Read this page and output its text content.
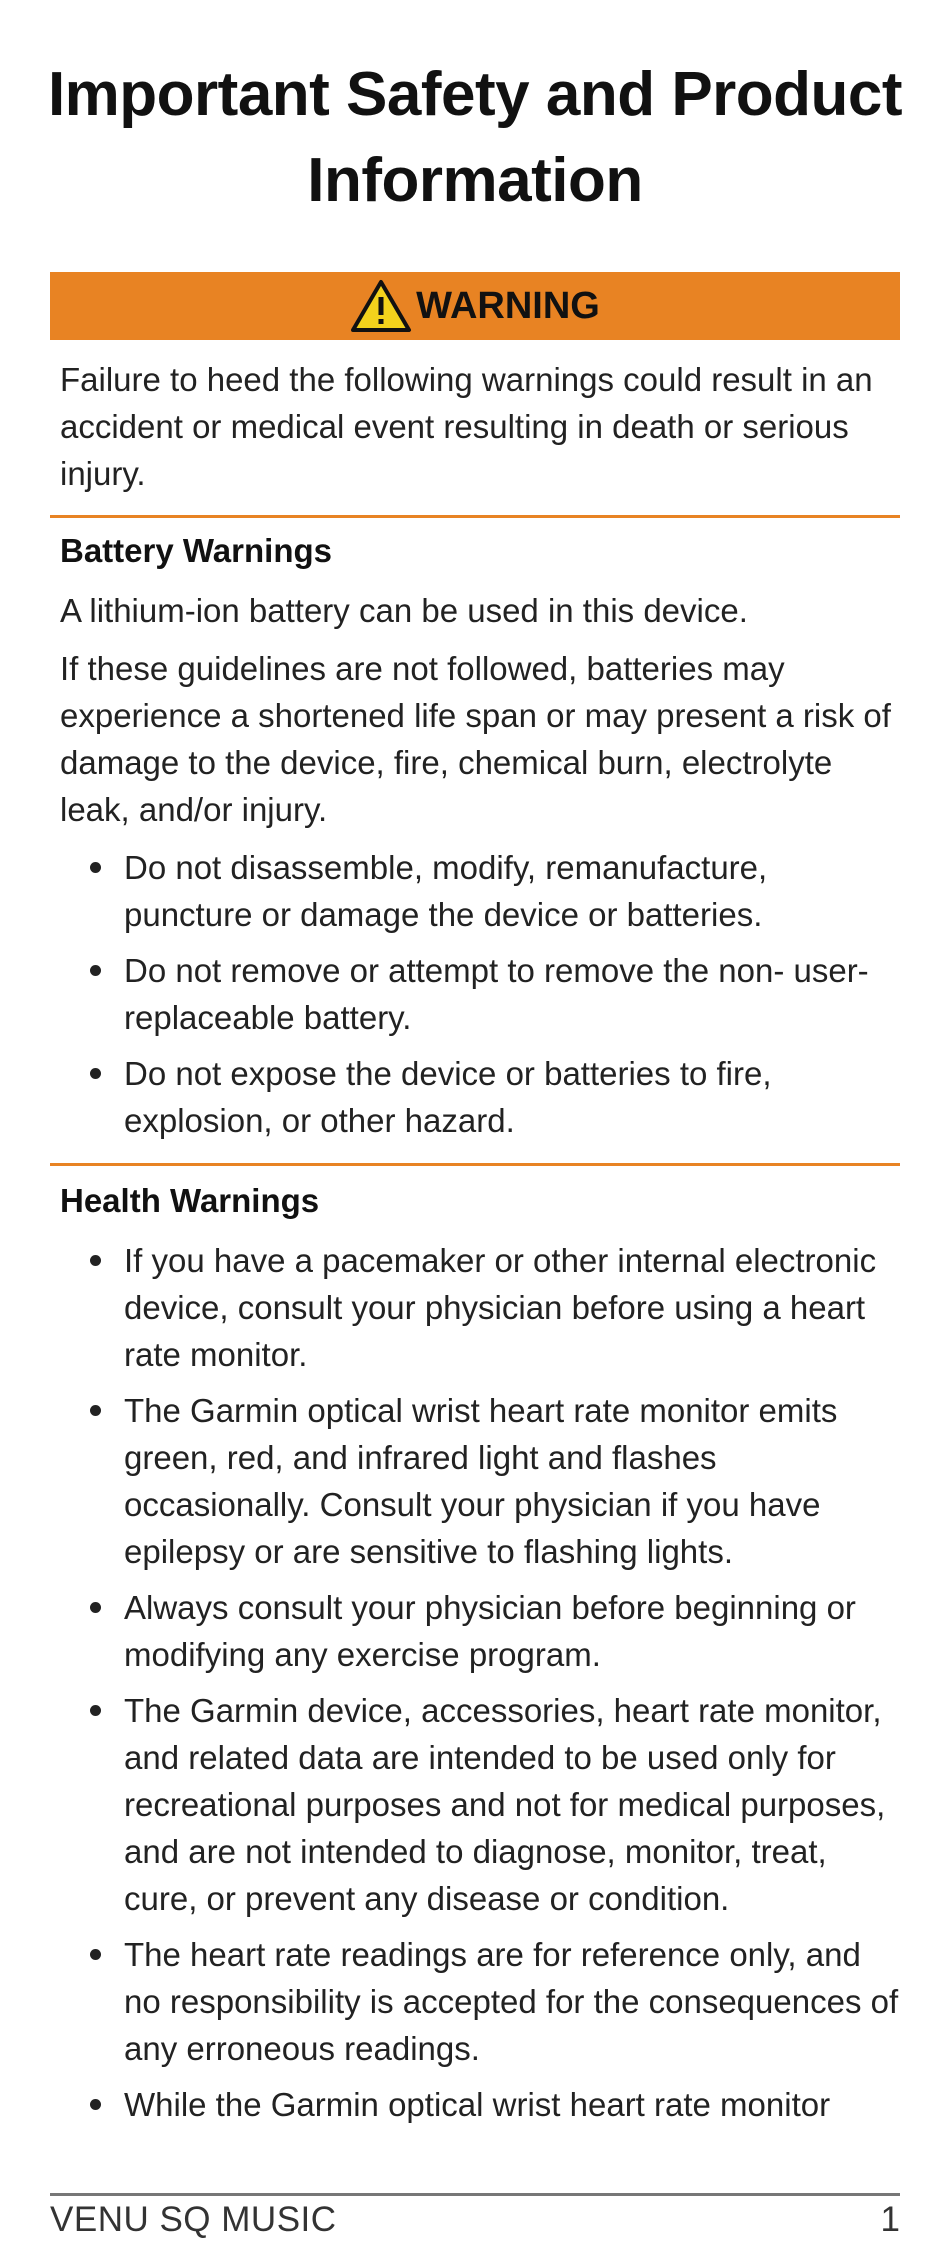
Important Safety and Product Information
WARNING
Failure to heed the following warnings could result in an accident or medical event resulting in death or serious injury.
Battery Warnings
A lithium-ion battery can be used in this device.
If these guidelines are not followed, batteries may experience a shortened life span or may present a risk of damage to the device, fire, chemical burn, electrolyte leak, and/or injury.
Do not disassemble, modify, remanufacture, puncture or damage the device or batteries.
Do not remove or attempt to remove the non- user-replaceable battery.
Do not expose the device or batteries to fire, explosion, or other hazard.
Health Warnings
If you have a pacemaker or other internal electronic device, consult your physician before using a heart rate monitor.
The Garmin optical wrist heart rate monitor emits green, red, and infrared light and flashes occasionally. Consult your physician if you have epilepsy or are sensitive to flashing lights.
Always consult your physician before beginning or modifying any exercise program.
The Garmin device, accessories, heart rate monitor, and related data are intended to be used only for recreational purposes and not for medical purposes, and are not intended to diagnose, monitor, treat, cure, or prevent any disease or condition.
The heart rate readings are for reference only, and no responsibility is accepted for the consequences of any erroneous readings.
While the Garmin optical wrist heart rate monitor
VENU SQ MUSIC	1
